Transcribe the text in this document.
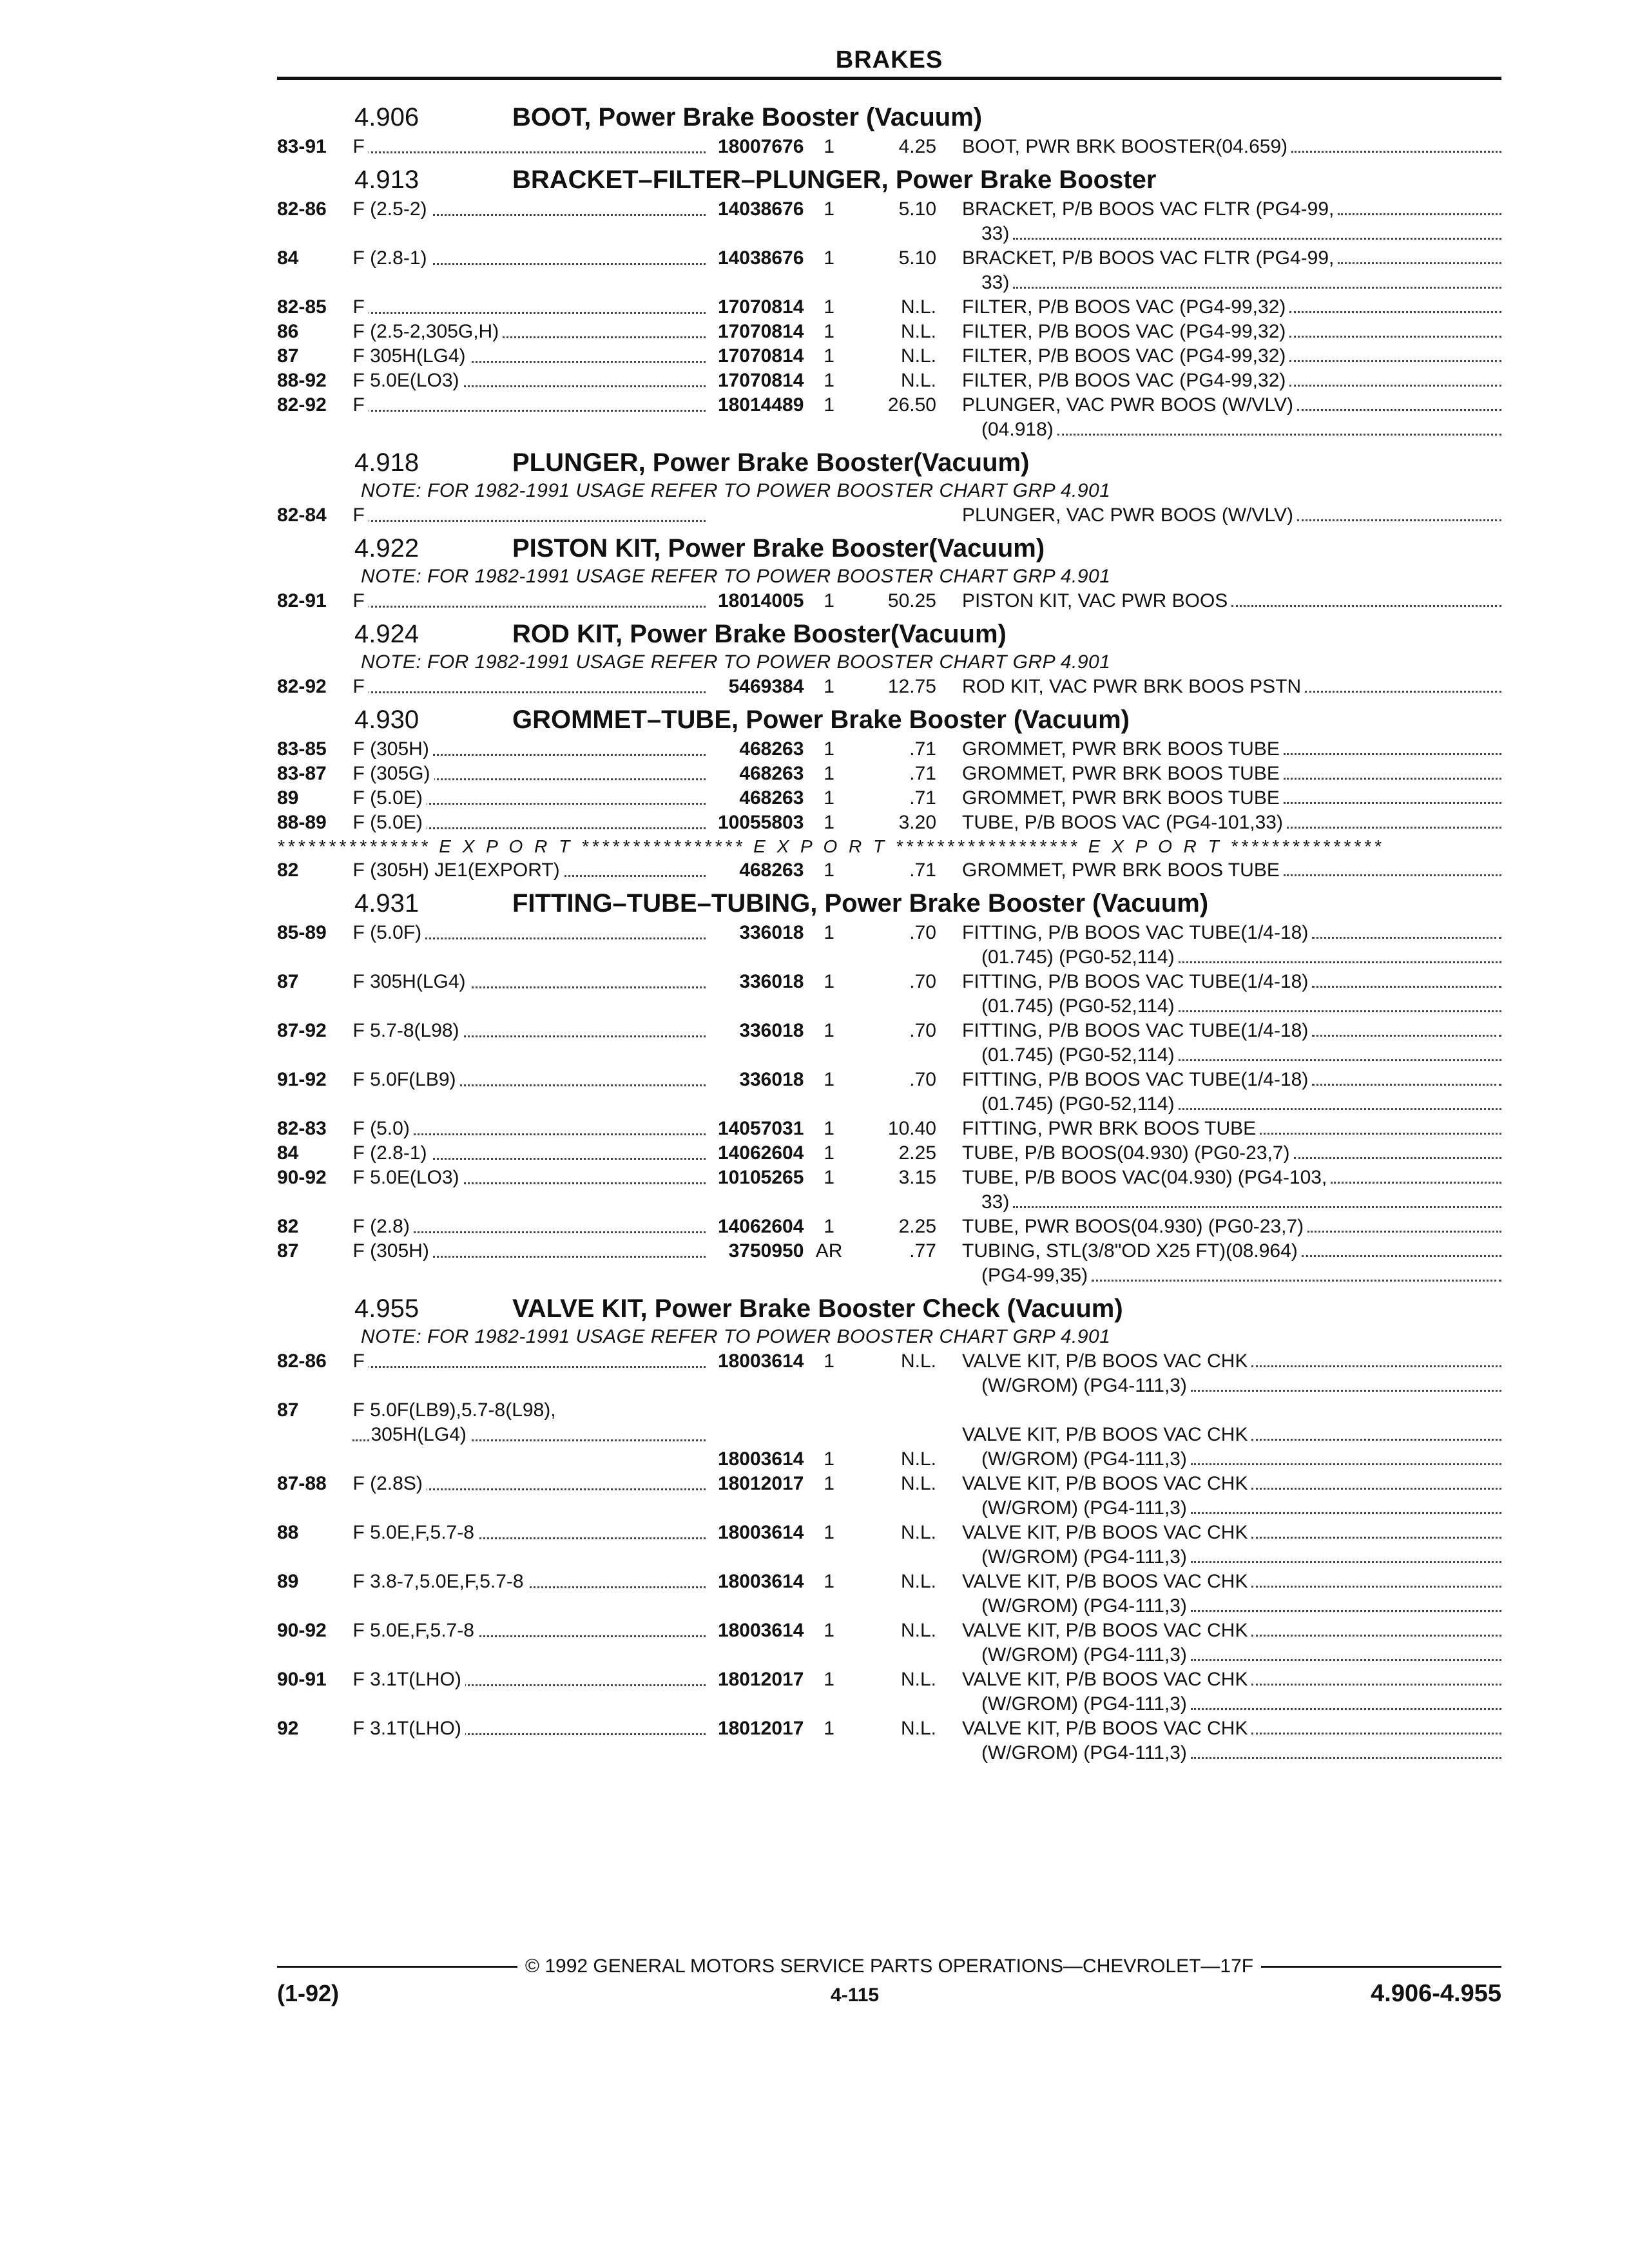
BRAKES
4.906	BOOT, Power Brake Booster (Vacuum)
83-91	F	18007676	1	4.25 BOOT, PWR BRK BOOSTER(04.659)
4.913	BRACKET–FILTER–PLUNGER, Power Brake Booster
82-86	F (2.5-2)	14038676	1	5.10 BRACKET, P/B BOOS VAC FLTR (PG4-99,
33)
84	F (2.8-1)	14038676	1	5.10 BRACKET, P/B BOOS VAC FLTR (PG4-99,
33)
82-85	F	17070814	1	N.L. FILTER, P/B BOOS VAC (PG4-99,32)
86	F (2.5-2,305G,H)	17070814	1	N.L. FILTER, P/B BOOS VAC (PG4-99,32)
87	F 305H(LG4)	17070814	1	N.L. FILTER, P/B BOOS VAC (PG4-99,32)
88-92	F 5.0E(LO3)	17070814	1	N.L. FILTER, P/B BOOS VAC (PG4-99,32)
82-92	F	18014489	1	26.50 PLUNGER, VAC PWR BOOS (W/VLV)
(04.918)
4.918	PLUNGER, Power Brake Booster(Vacuum)
NOTE: FOR 1982-1991 USAGE REFER TO POWER BOOSTER CHART GRP 4.901
82-84	F	PLUNGER, VAC PWR BOOS (W/VLV)
4.922	PISTON KIT, Power Brake Booster(Vacuum)
NOTE: FOR 1982-1991 USAGE REFER TO POWER BOOSTER CHART GRP 4.901
82-91	F	18014005	1	50.25 PISTON KIT, VAC PWR BOOS
4.924	ROD KIT, Power Brake Booster(Vacuum)
NOTE: FOR 1982-1991 USAGE REFER TO POWER BOOSTER CHART GRP 4.901
82-92	F	5469384	1	12.75 ROD KIT, VAC PWR BRK BOOS PSTN
4.930	GROMMET–TUBE, Power Brake Booster (Vacuum)
83-85	F (305H)	468263	1	.71 GROMMET, PWR BRK BOOS TUBE
83-87	F (305G)	468263	1	.71 GROMMET, PWR BRK BOOS TUBE
89	F (5.0E)	468263	1	.71 GROMMET, PWR BRK BOOS TUBE
88-89	F (5.0E)	10055803	1	3.20 TUBE, P/B BOOS VAC (PG4-101,33)
*************** E X P O R T **************** E X P O R T ****************** E X P O R T ***************
82	F (305H) JE1(EXPORT)	468263	1	.71 GROMMET, PWR BRK BOOS TUBE
4.931	FITTING–TUBE–TUBING, Power Brake Booster (Vacuum)
85-89	F (5.0F)	336018	1	.70 FITTING, P/B BOOS VAC TUBE(1/4-18)
(01.745) (PG0-52,114)
87	F 305H(LG4)	336018	1	.70 FITTING, P/B BOOS VAC TUBE(1/4-18)
(01.745) (PG0-52,114)
87-92	F 5.7-8(L98)	336018	1	.70 FITTING, P/B BOOS VAC TUBE(1/4-18)
(01.745) (PG0-52,114)
91-92	F 5.0F(LB9)	336018	1	.70 FITTING, P/B BOOS VAC TUBE(1/4-18)
(01.745) (PG0-52,114)
82-83	F (5.0)	14057031	1	10.40 FITTING, PWR BRK BOOS TUBE
84	F (2.8-1)	14062604	1	2.25 TUBE, P/B BOOS(04.930) (PG0-23,7)
90-92	F 5.0E(LO3)	10105265	1	3.15 TUBE, P/B BOOS VAC(04.930) (PG4-103,
33)
82	F (2.8)	14062604	1	2.25 TUBE, PWR BOOS(04.930) (PG0-23,7)
87	F (305H)	3750950 AR	.77 TUBING, STL(3/8"OD X25 FT)(08.964)
(PG4-99,35)
4.955	VALVE KIT, Power Brake Booster Check (Vacuum)
NOTE: FOR 1982-1991 USAGE REFER TO POWER BOOSTER CHART GRP 4.901
82-86	F	18003614	1	N.L. VALVE KIT, P/B BOOS VAC CHK
(W/GROM) (PG4-111,3)
87	F 5.0F(LB9),5.7-8(L98),
305H(LG4)
18003614	1	N.L.
VALVE KIT, P/B BOOS VAC CHK
(W/GROM) (PG4-111,3)
87-88	F (2.8S)	18012017	1	N.L. VALVE KIT, P/B BOOS VAC CHK
(W/GROM) (PG4-111,3)
88	F 5.0E,F,5.7-8	18003614	1	N.L. VALVE KIT, P/B BOOS VAC CHK
(W/GROM) (PG4-111,3)
89	F 3.8-7,5.0E,F,5.7-8	18003614	1	N.L. VALVE KIT, P/B BOOS VAC CHK
(W/GROM) (PG4-111,3)
90-92	F 5.0E,F,5.7-8	18003614	1	N.L. VALVE KIT, P/B BOOS VAC CHK
(W/GROM) (PG4-111,3)
90-91	F 3.1T(LHO)	18012017	1	N.L. VALVE KIT, P/B BOOS VAC CHK
(W/GROM) (PG4-111,3)
92	F 3.1T(LHO)	18012017	1	N.L. VALVE KIT, P/B BOOS VAC CHK
(W/GROM) (PG4-111,3)
© 1992 GENERAL MOTORS SERVICE PARTS OPERATIONS—CHEVROLET—17F
(1-92)	4-115	4.906-4.955
